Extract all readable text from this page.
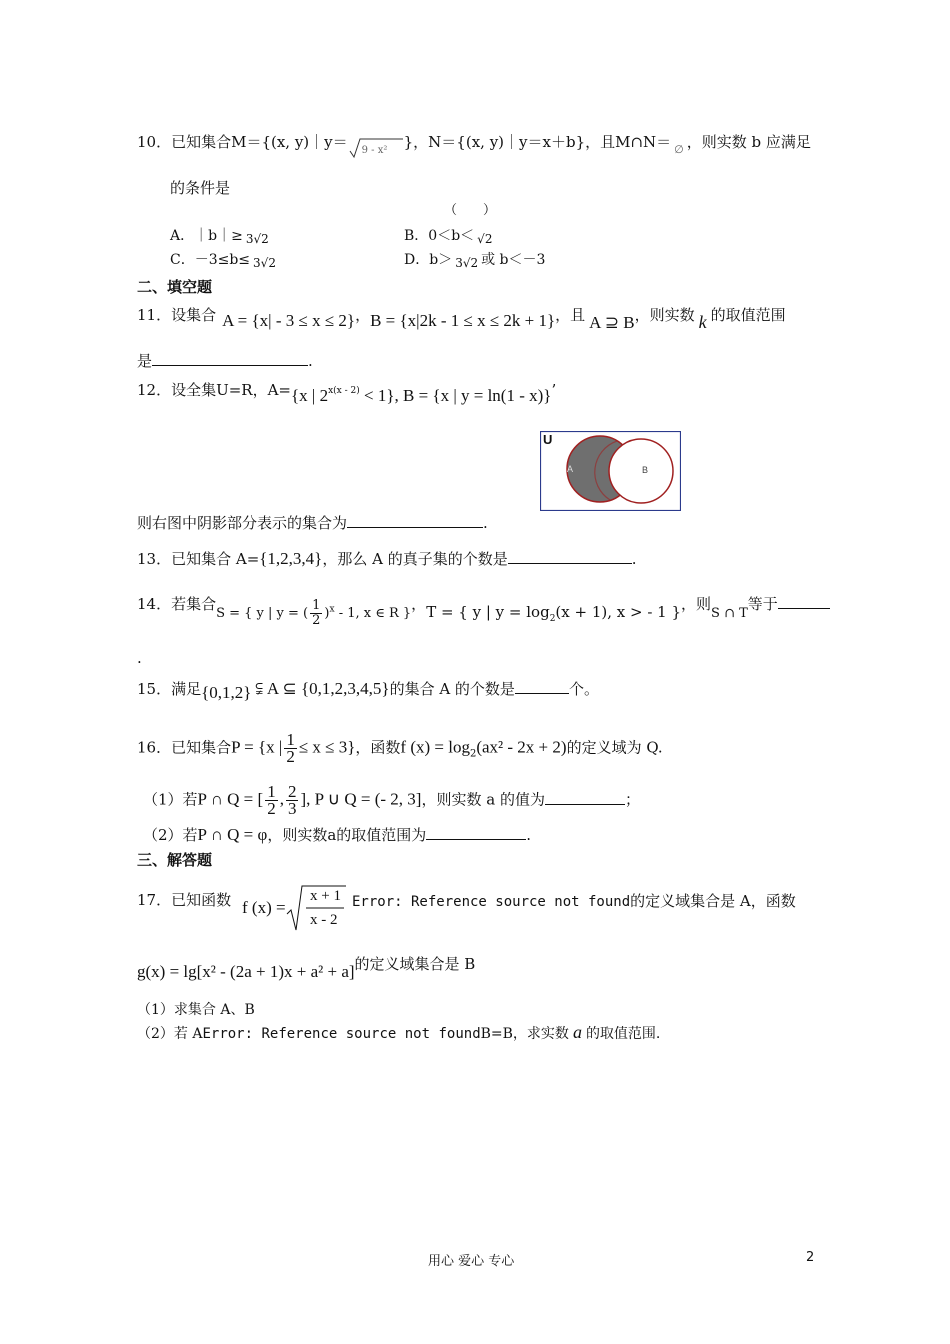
10．已知集合M＝{(x, y)｜y＝ 9 - x² }，N＝{(x, y)｜y＝x＋b}，且M∩N＝ $_\emptyset$ ，则实数 b 应满足
的条件是
（　　）
A．｜b｜≥ 3√2	B．0＜b＜ √2
C．－3≤b≤ 3√2	D．b＞ 3√2 或 b＜－3
二、填空题
11．设集合 A = {x| - 3 ≤ x ≤ 2}，B = {x|2k - 1 ≤ x ≤ 2k + 1}，且 A ⊇ B，则实数 k 的取值范围
是	.
12．设全集U=R，A={x | 2x(x - 2) < 1}, B = {x | y = ln(1 - x)}’
U
A	B
则右图中阴影部分表示的集合为	.
13．已知集合 A={1,2,3,4}，那么 A 的真子集的个数是	.
14．若集合S = { y | y = ( $\frac{1}{2} )^x - 1$, x ∈ R }，T = { y | $y = \log_2(x + 1)$, x > - 1 }，则S ∩ T等于
.
15．满足{0,1,2} ⫋ A ⊆ {0,1,2,3,4,5}的集合 A 的个数是	个。
16．已知集合P = {x | $\frac{1}{2} \le x \le 3$}，函数f $(x) = \log_2(ax^2 - 2x + 2)$的定义域为 Q.
（1）若P ∩ Q = [ $\frac{1}{2}$ , $\frac{2}{3}$ ], P ∪ Q = (- 2, 3]，则实数 a 的值为	；
（2）若P ∩ Q = φ，则实数a的取值范围为	.
三、解答题
17．已知函数 f (x) =
x + 1
x - 2
Error: Reference source not found的定义域集合是 A，函数
g(x) = lg[x² - (2a + 1)x + a² + a]的定义域集合是 B
（1）求集合 A、B
（2）若 AError: Reference source not foundB=B，求实数 a 的取值范围.
用心 爱心 专心	2
